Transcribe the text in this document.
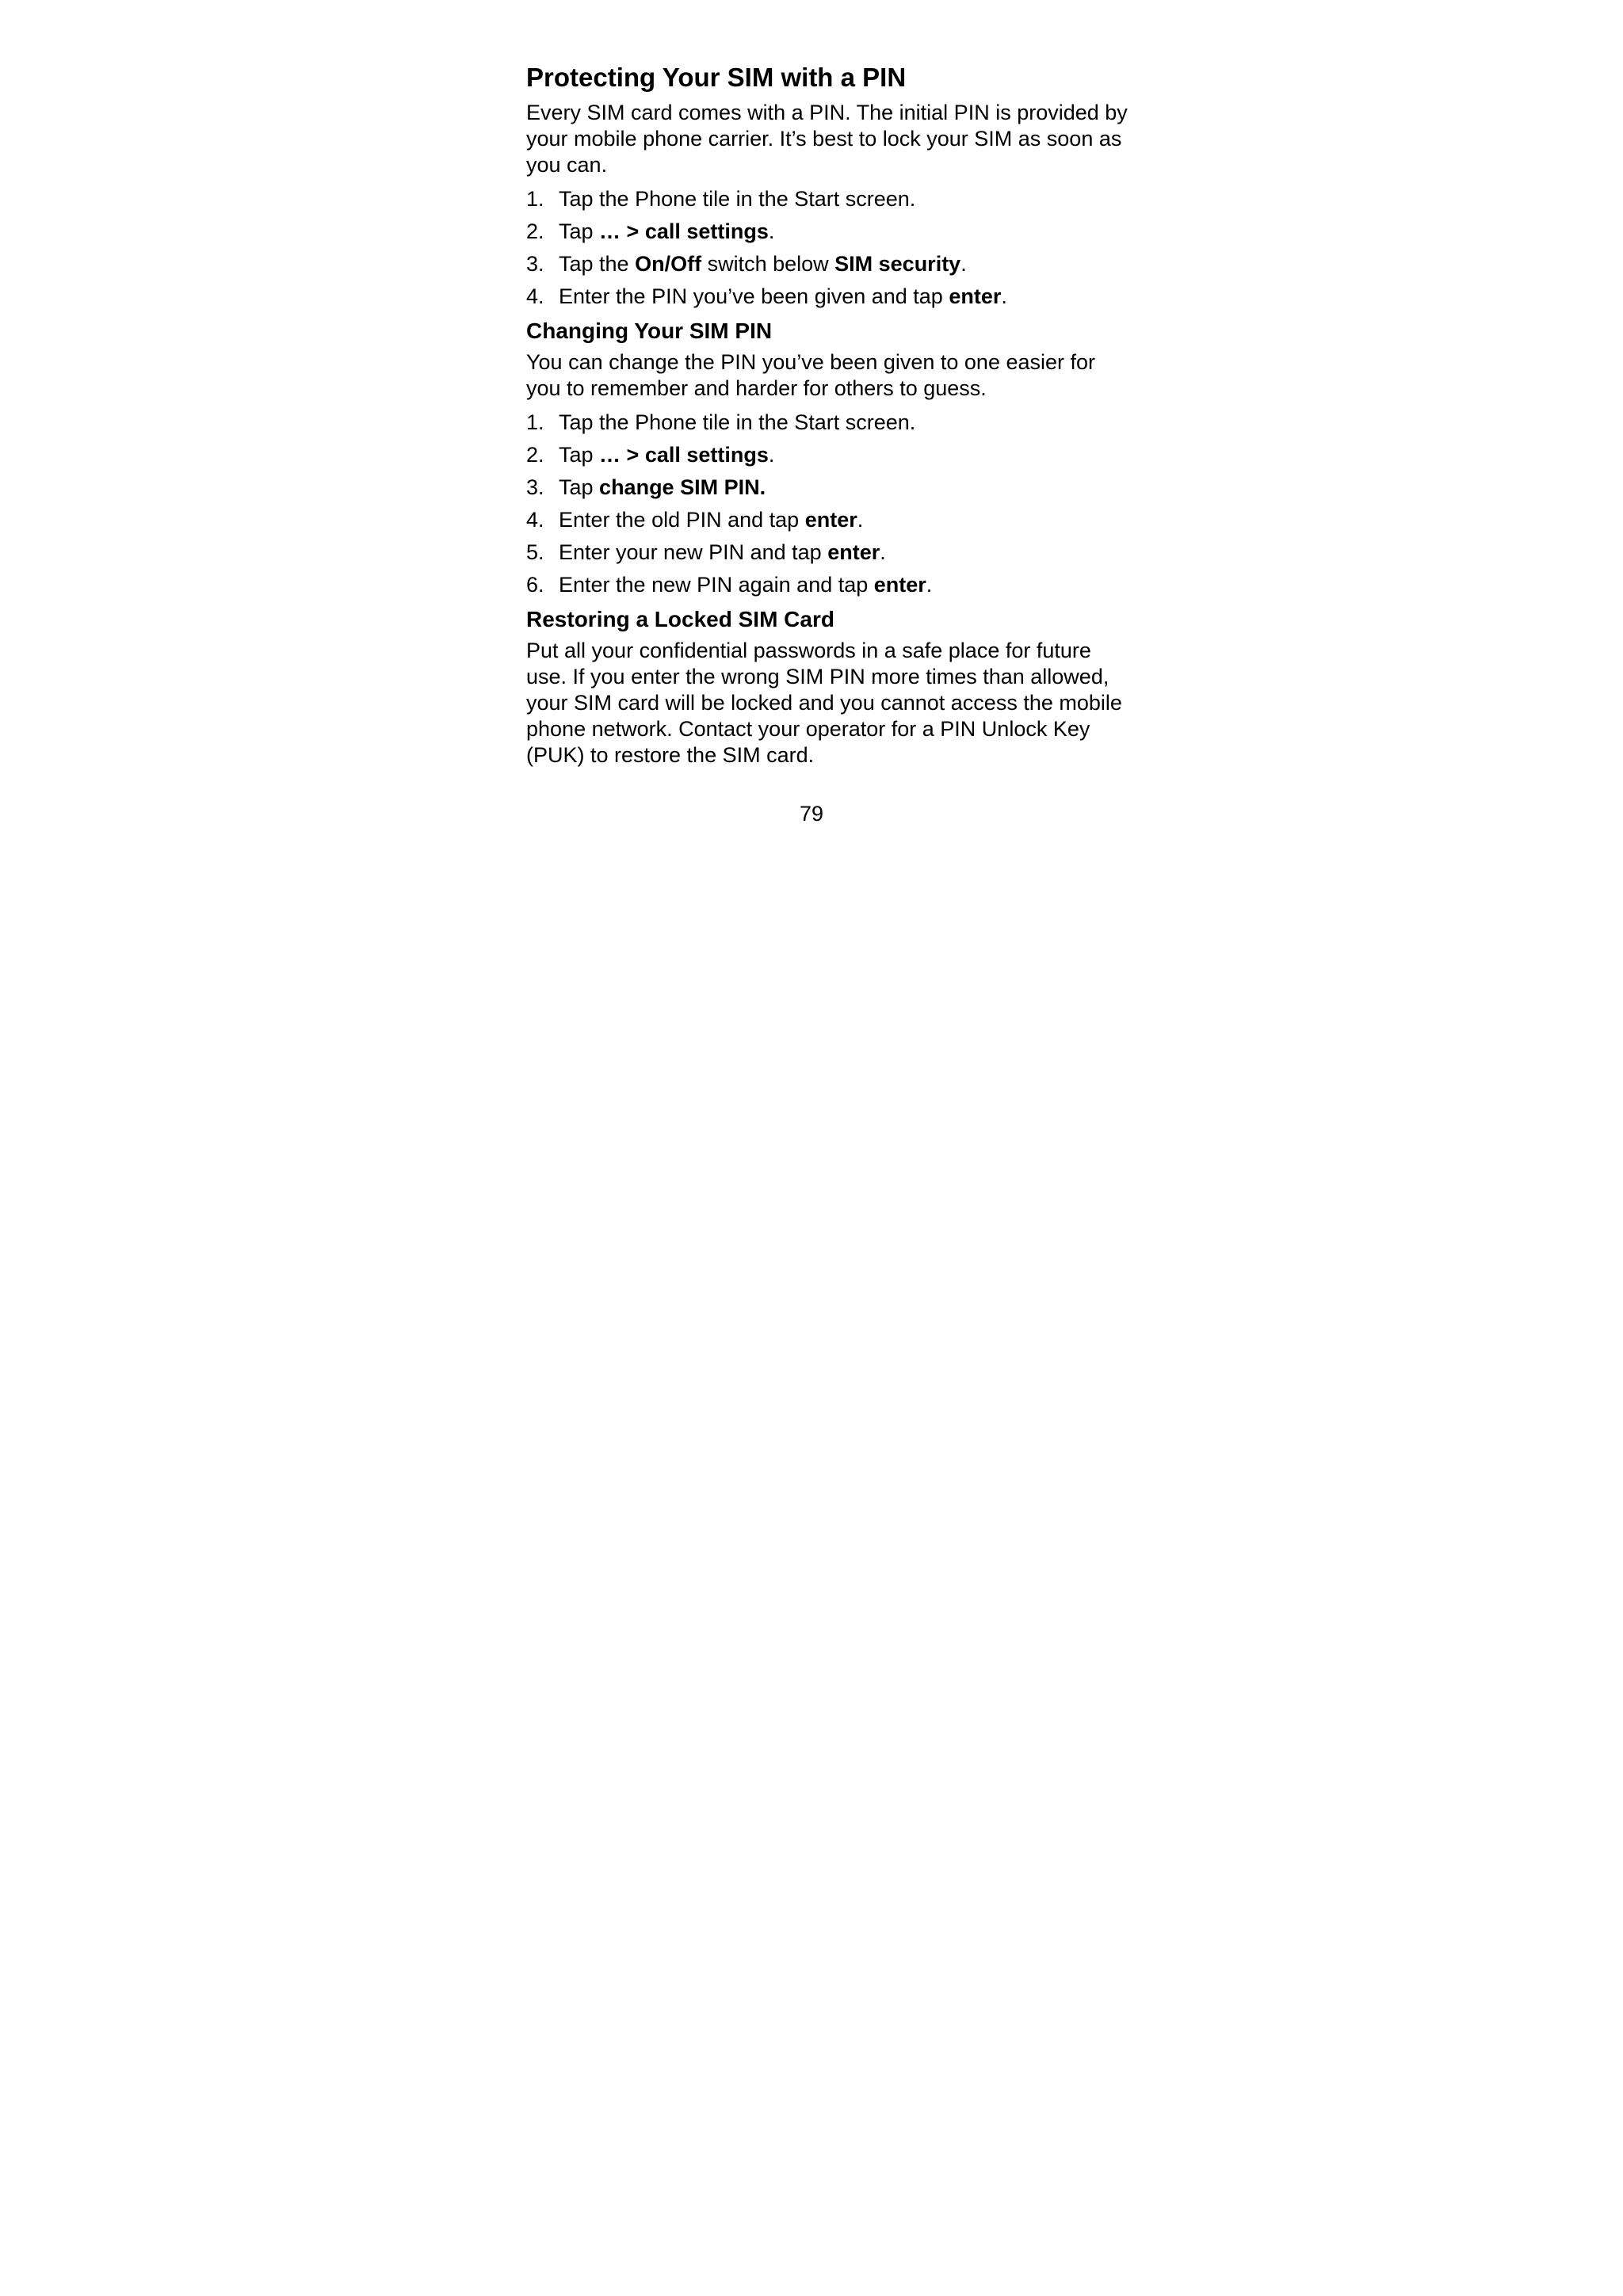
Protecting Your SIM with a PIN

Every SIM card comes with a PIN. The initial PIN is provided by your mobile phone carrier. It’s best to lock your SIM as soon as you can.

1. Tap the Phone tile in the Start screen.
2. Tap … > call settings.
3. Tap the On/Off switch below SIM security.
4. Enter the PIN you’ve been given and tap enter.
Changing Your SIM PIN

You can change the PIN you’ve been given to one easier for you to remember and harder for others to guess.

1. Tap the Phone tile in the Start screen.
2. Tap … > call settings.
3. Tap change SIM PIN.
4. Enter the old PIN and tap enter.
5. Enter your new PIN and tap enter.
6. Enter the new PIN again and tap enter.
Restoring a Locked SIM Card

Put all your confidential passwords in a safe place for future use. If you enter the wrong SIM PIN more times than allowed, your SIM card will be locked and you cannot access the mobile phone network. Contact your operator for a PIN Unlock Key (PUK) to restore the SIM card.

79
